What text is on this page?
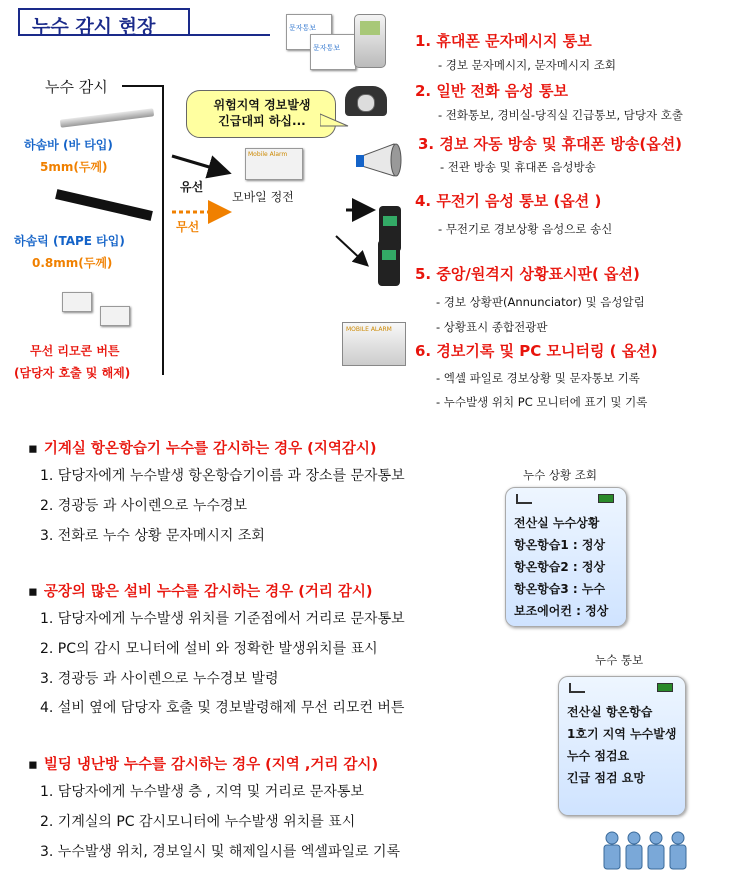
누수 감시 현장
누수 감시
하솜바 (바 타입)
5mm(두께)
하솜릭 (TAPE 타입)
0.8mm(두께)
무선 리모콘 버튼
(담당자 호출 및 해제)
위험지역 경보발생
긴급대피 하십...
유선
무선
Mobile Alarm
모바일 정전
문자통보
문자통보
MOBILE ALARM
1. 휴대폰 문자메시지 통보
- 경보 문자메시지, 문자메시지 조회
2. 일반 전화 음성 통보
- 전화통보, 경비실-당직실 긴급통보, 담당자 호출
3. 경보 자동 방송 및 휴대폰 방송(옵션)
- 전관 방송 및 휴대폰 음성방송
4. 무전기 음성 통보 (옵션 )
- 무전기로 경보상황 음성으로 송신
5. 중앙/원격지 상황표시판( 옵션)
- 경보 상황판(Annunciator) 및 음성알림
- 상황표시 종합전광판
6. 경보기록 및 PC 모니터링 ( 옵션)
- 엑셀 파일로 경보상황 및 문자통보 기록
- 누수발생 위치 PC 모니터에 표기 및 기록
▪ 기계실 항온항습기 누수를 감시하는 경우 (지역감시)
1. 담당자에게 누수발생 항온항습기이름 과 장소를 문자통보
2. 경광등 과 사이렌으로 누수경보
3. 전화로 누수 상황 문자메시지 조회
▪ 공장의 많은 설비 누수를 감시하는 경우 (거리 감시)
1. 담당자에게 누수발생 위치를 기준점에서 거리로 문자통보
2. PC의 감시 모니터에 설비 와 정확한 발생위치를 표시
3. 경광등 과 사이렌으로 누수경보 발령
4. 설비 옆에 담당자 호출 및 경보발령해제 무선 리모컨 버튼
▪ 빌딩 냉난방 누수를 감시하는 경우 (지역 ,거리 감시)
1. 담당자에게 누수발생 층 , 지역 및 거리로 문자통보
2. 기계실의 PC 감시모니터에 누수발생 위치를 표시
3. 누수발생 위치, 경보일시 및 해제일시를 엑셀파일로 기록
누수 상황 조회
전산실 누수상황
항온항습1 : 정상
항온항습2 : 정상
항온항습3 : 누수
보조에어컨 : 정상
누수 통보
전산실 항온항습
1호기 지역 누수발생
누수 점검요
긴급 점검 요망
